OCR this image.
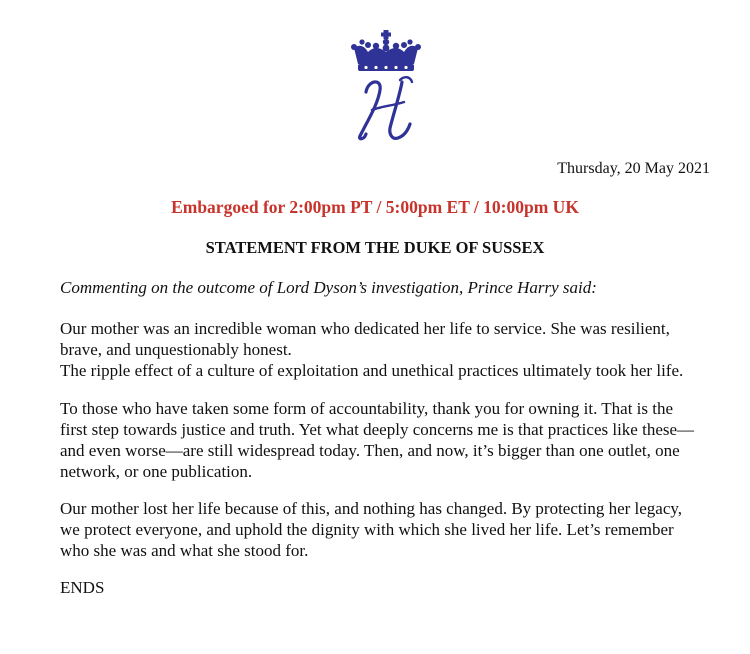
Thursday, 20 May 2021
Embargoed for 2:00pm PT / 5:00pm ET / 10:00pm UK
STATEMENT FROM THE DUKE OF SUSSEX
Commenting on the outcome of Lord Dyson’s investigation, Prince Harry said:
Our mother was an incredible woman who dedicated her life to service. She was resilient,
brave, and unquestionably honest.
The ripple effect of a culture of exploitation and unethical practices ultimately took her life.
To those who have taken some form of accountability, thank you for owning it. That is the
first step towards justice and truth. Yet what deeply concerns me is that practices like these—
and even worse—are still widespread today. Then, and now, it’s bigger than one outlet, one
network, or one publication.
Our mother lost her life because of this, and nothing has changed. By protecting her legacy,
we protect everyone, and uphold the dignity with which she lived her life. Let’s remember
who she was and what she stood for.
ENDS
